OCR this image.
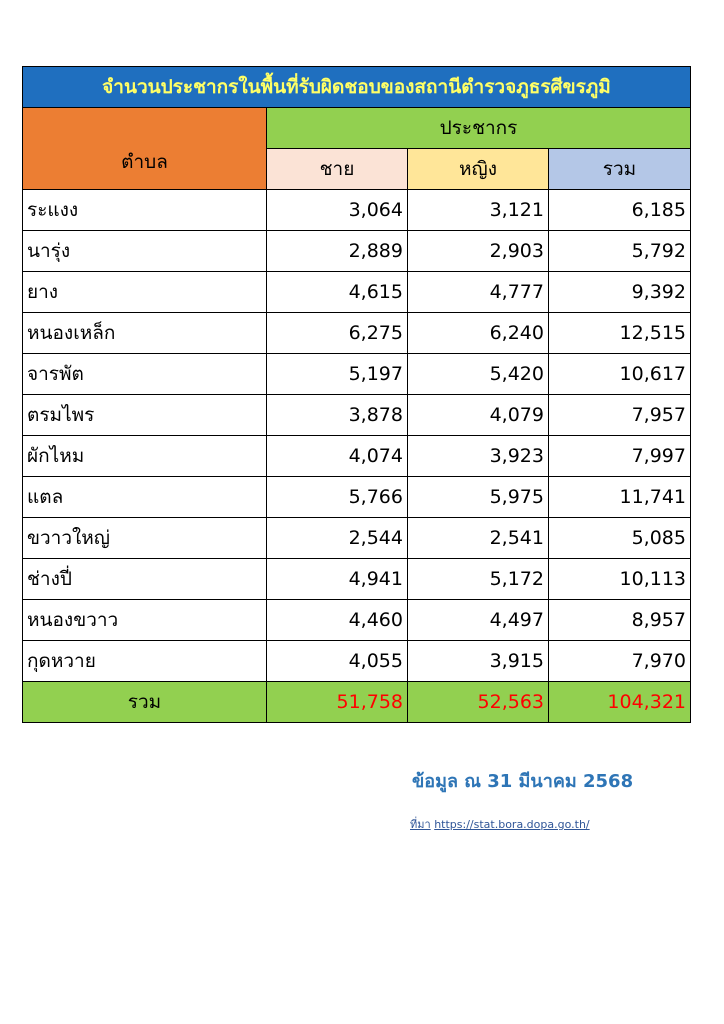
จำนวนประชากรในพื้นที่รับผิดชอบของสถานีตำรวจภูธรศีขรภูมิ			
ตำบล	ประชากร		
	ชาย	หญิง	รวม
ระแงง	3,064	3,121	6,185
นารุ่ง	2,889	2,903	5,792
ยาง	4,615	4,777	9,392
หนองเหล็ก	6,275	6,240	12,515
จารพัต	5,197	5,420	10,617
ตรมไพร	3,878	4,079	7,957
ผักไหม	4,074	3,923	7,997
แตล	5,766	5,975	11,741
ขวาวใหญ่	2,544	2,541	5,085
ช่างปี่	4,941	5,172	10,113
หนองขวาว	4,460	4,497	8,957
กุดหวาย	4,055	3,915	7,970
รวม	51,758	52,563	104,321
ข้อมูล ณ 31 มีนาคม 2568
ที่มา https://stat.bora.dopa.go.th/
